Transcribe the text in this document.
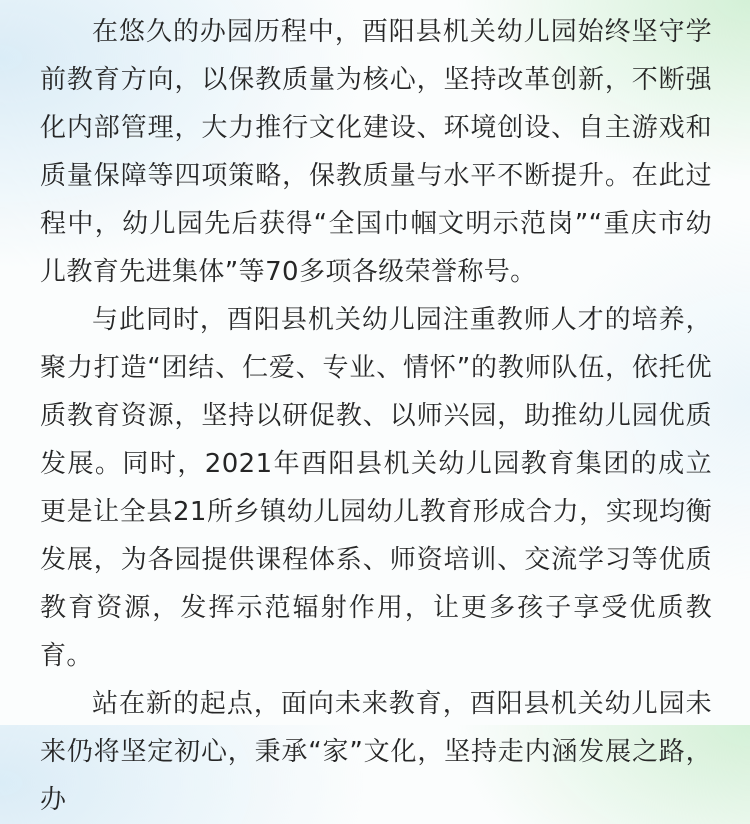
在悠久的办园历程中，酉阳县机关幼儿园始终坚守学前教育方向，以保教质量为核心，坚持改革创新，不断强化内部管理，大力推行文化建设、环境创设、自主游戏和质量保障等四项策略，保教质量与水平不断提升。在此过程中，幼儿园先后获得“全国巾帼文明示范岗”“重庆市幼儿教育先进集体”等70多项各级荣誉称号。

与此同时，酉阳县机关幼儿园注重教师人才的培养，聚力打造“团结、仁爱、专业、情怀”的教师队伍，依托优质教育资源，坚持以研促教、以师兴园，助推幼儿园优质发展。同时，2021年酉阳县机关幼儿园教育集团的成立更是让全县21所乡镇幼儿园幼儿教育形成合力，实现均衡发展，为各园提供课程体系、师资培训、交流学习等优质教育资源，发挥示范辐射作用，让更多孩子享受优质教育。

站在新的起点，面向未来教育，酉阳县机关幼儿园未来仍将坚定初心，秉承“家”文化，坚持走内涵发展之路，办
